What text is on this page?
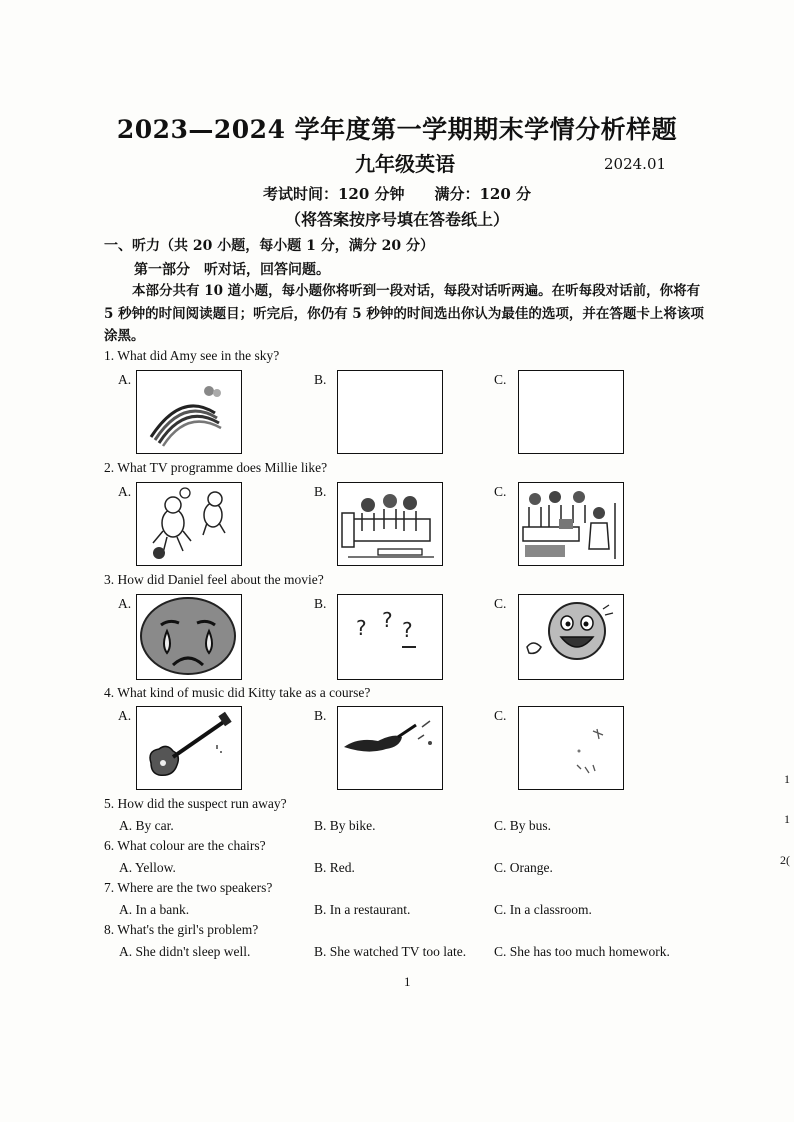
2023—2024 学年度第一学期期末学情分析样题
九年级英语	2024.01
考试时间：120 分钟　　满分：120 分
（将答案按序号填在答卷纸上）
一、听力（共 20 小题，每小题 1 分，满分 20 分）
第一部分　听对话，回答问题。
本部分共有 10 道小题，每小题你将听到一段对话，每段对话听两遍。在听每段对话前，你将有 5 秒钟的时间阅读题目；听完后，你仍有 5 秒钟的时间选出你认为最佳的选项，并在答题卡上将该项涂黑。
1. What did Amy see in the sky?
A.	B.	C.
2. What TV programme does Millie like?
A.	B.	C.
3. How did Daniel feel about the movie?
A.	B.	C.
? ? ?
4. What kind of music did Kitty take as a course?
A.	B.	C.
5. How did the suspect run away?
A. By car.	B. By bike.	C. By bus.
6. What colour are the chairs?
A. Yellow.	B. Red.	C. Orange.
7. Where are the two speakers?
A. In a bank.	B. In a restaurant.	C. In a classroom.
8. What's the girl's problem?
A. She didn't sleep well.	B. She watched TV too late. C. She has too much homework.
1
1
2(
1
